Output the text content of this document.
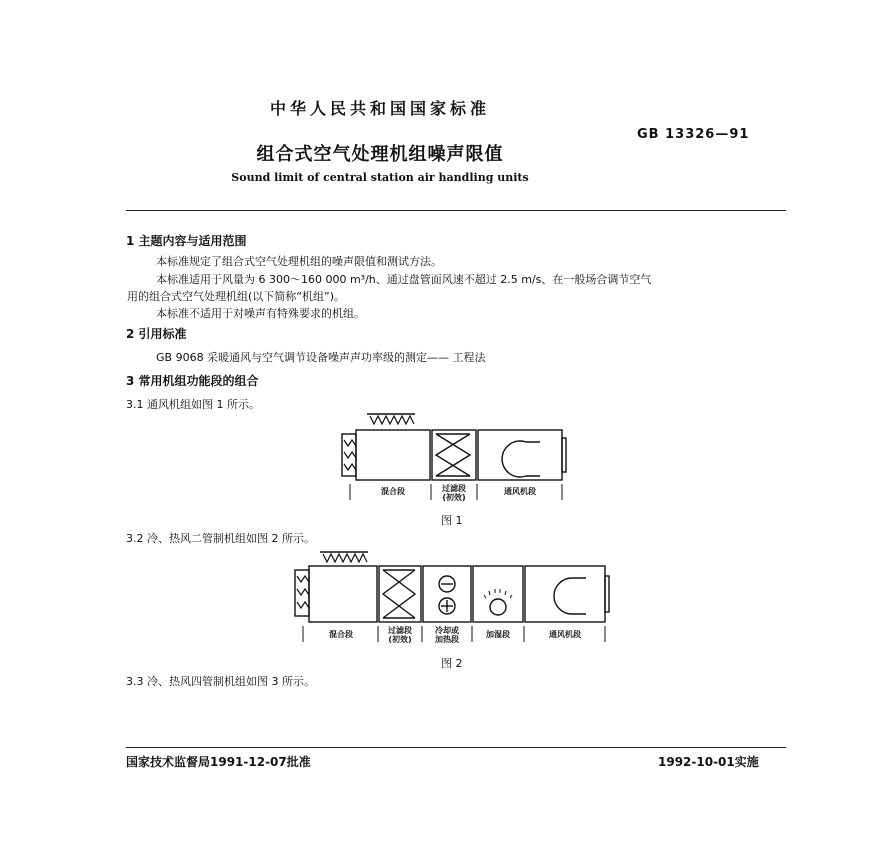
中华人民共和国国家标准
GB 13326—91
组合式空气处理机组噪声限值
Sound limit of central station air handling units
1 主题内容与适用范围
本标准规定了组合式空气处理机组的噪声限值和测试方法。
本标准适用于风量为 6 300～160 000 m³/h、通过盘管面风速不超过 2.5 m/s、在一般场合调节空气
用的组合式空气处理机组(以下简称“机组”)。
本标准不适用于对噪声有特殊要求的机组。
2 引用标准
GB 9068 采暖通风与空气调节设备噪声声功率级的测定—— 工程法
3 常用机组功能段的组合
3.1 通风机组如图 1 所示。
混合段	过滤段
(初效)
通风机段
图 1
3.2 冷、热风二管制机组如图 2 所示。
混合段	过滤段
(初效)
冷却或
加热段
加湿段	通风机段
图 2
3.3 冷、热风四管制机组如图 3 所示。
国家技术监督局1991-12-07批准	1992-10-01实施
